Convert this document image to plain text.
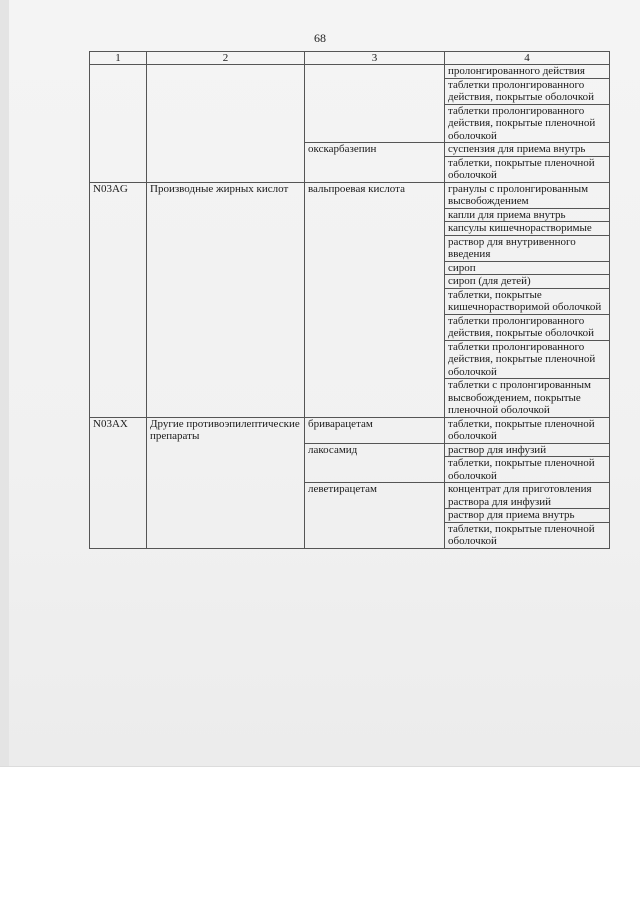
68
1	2	3	4
			пролонгированного действия
			таблетки пролонгированного действия, покрытые оболочкой
			таблетки пролонгированного действия, покрытые пленочной оболочкой
		окскарбазепин	суспензия для приема внутрь
			таблетки, покрытые пленочной оболочкой
N03AG	Производные жирных кислот	вальпроевая кислота	гранулы с пролонгированным высвобождением
			капли для приема внутрь
			капсулы кишечнорастворимые
			раствор для внутривенного введения
			сироп
			сироп (для детей)
			таблетки, покрытые кишечнорастворимой оболочкой
			таблетки пролонгированного действия, покрытые оболочкой
			таблетки пролонгированного действия, покрытые пленочной оболочкой
			таблетки с пролонгированным высвобождением, покрытые пленочной оболочкой
N03AX	Другие противоэпилептические препараты	бриварацетам	таблетки, покрытые пленочной оболочкой
		лакосамид	раствор для инфузий
			таблетки, покрытые пленочной оболочкой
		леветирацетам	концентрат для приготовления раствора для инфузий
			раствор для приема внутрь
			таблетки, покрытые пленочной оболочкой
